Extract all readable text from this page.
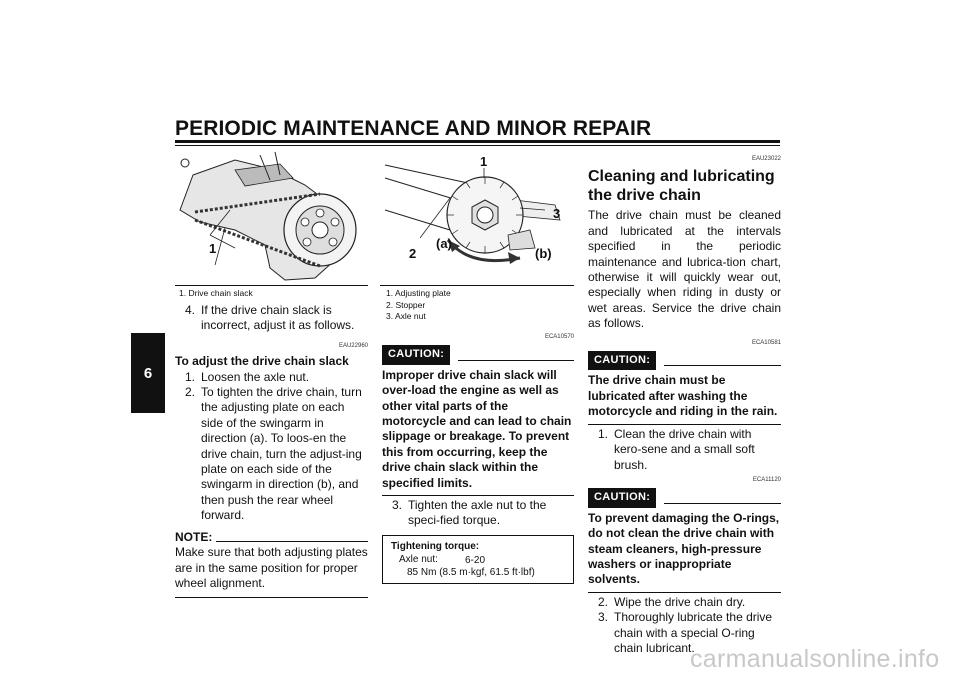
PERIODIC MAINTENANCE AND MINOR REPAIR
6
1
1. Drive chain slack
4. If the drive chain slack is incorrect, adjust it as follows.
EAU22960
To adjust the drive chain slack
1. Loosen the axle nut.
2. To tighten the drive chain, turn the adjusting plate on each side of the swingarm in direction (a). To loos-en the drive chain, turn the adjust-ing plate on each side of the swingarm in direction (b), and then push the rear wheel forward.
NOTE:
Make sure that both adjusting plates are in the same position for proper wheel alignment.
1
3
2
(a)
(b)
1. Adjusting plate
2. Stopper
3. Axle nut
ECA10570
CAUTION:
Improper drive chain slack will over-load the engine as well as other vital parts of the motorcycle and can lead to chain slippage or breakage. To prevent this from occurring, keep the drive chain slack within the specified limits.
3. Tighten the axle nut to the speci-fied torque.
Tightening torque:
Axle nut:
85 Nm (8.5 m·kgf, 61.5 ft·lbf)
EAU23022
Cleaning and lubricating the drive chain
The drive chain must be cleaned and lubricated at the intervals specified in the periodic maintenance and lubrica-tion chart, otherwise it will quickly wear out, especially when riding in dusty or wet areas. Service the drive chain as follows.
ECA10581
CAUTION:
The drive chain must be lubricated after washing the motorcycle and riding in the rain.
1. Clean the drive chain with kero-sene and a small soft brush.
ECA11120
CAUTION:
To prevent damaging the O-rings, do not clean the drive chain with steam cleaners, high-pressure washers or inappropriate solvents.
2. Wipe the drive chain dry.
3. Thoroughly lubricate the drive chain with a special O-ring chain lubricant.
6-20
carmanualsonline.info
